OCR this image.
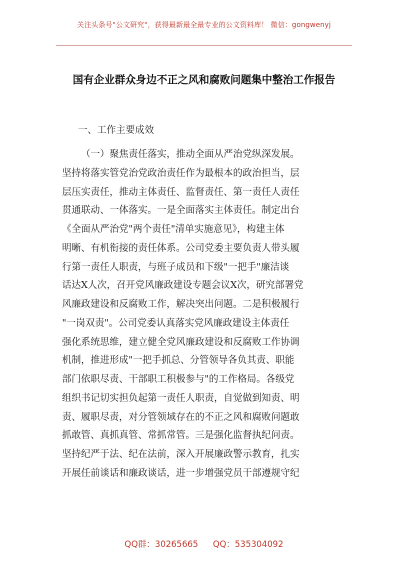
关注头条号"公文研究"，获得最新最全最专业的公文资料库！ 微信：gongwenyj
国有企业群众身边不正之风和腐败问题集中整治工作报告
一、工作主要成效
（一）聚焦责任落实，推动全面从严治党纵深发展。
坚持将落实管党治党政治责任作为最根本的政治担当，层
层压实责任，推动主体责任、监督责任、第一责任人责任
贯通联动、一体落实。一是全面落实主体责任。制定出台
《全面从严治党"两个责任"清单实施意见》，构建主体
明晰、有机衔接的责任体系。公司党委主要负责人带头履
行第一责任人职责，与班子成员和下级"一把手"廉洁谈
话达X人次，召开党风廉政建设专题会议X次，研究部署党
风廉政建设和反腐败工作，解决突出问题。二是积极履行
"一岗双责"。公司党委认真落实党风廉政建设主体责任
强化系统思维，建立健全党风廉政建设和反腐败工作协调
机制，推进形成"一把手抓总、分管领导各负其责、职能
部门依职尽责、干部职工积极参与"的工作格局。各级党
组织书记切实担负起第一责任人职责，自觉做到知责、明
责、履职尽责，对分管领域存在的不正之风和腐败问题敢
抓敢管、真抓真管、常抓常管。三是强化监督执纪问责。
坚持纪严于法、纪在法前，深入开展廉政警示教育，扎实
开展任前谈话和廉政谈话，进一步增强党员干部遵规守纪
QQ群：30265665 QQ：535304092
